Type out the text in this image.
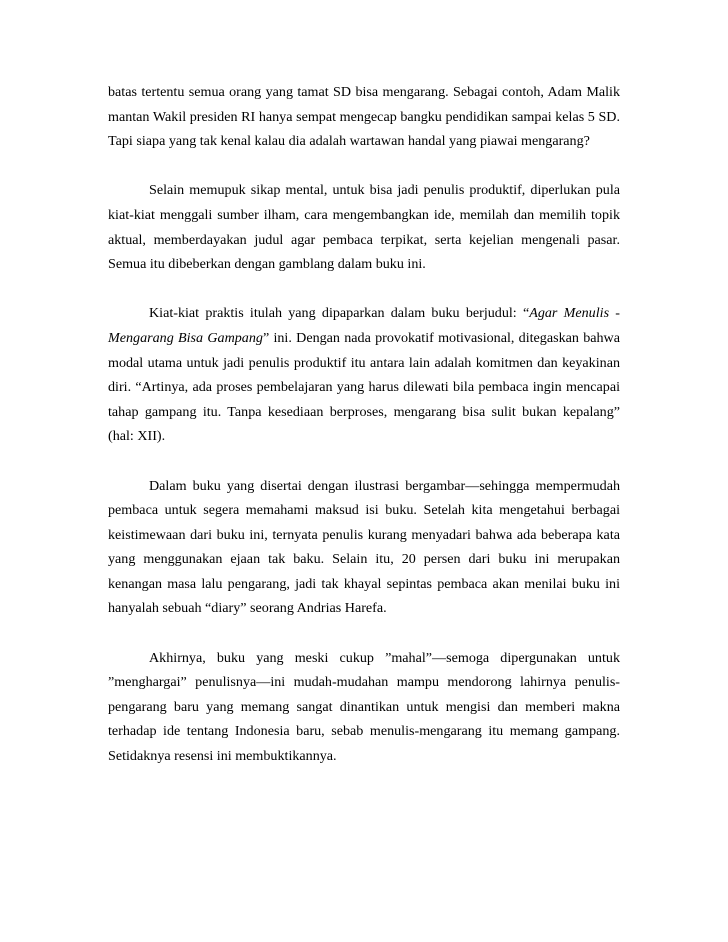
batas tertentu semua orang yang tamat SD bisa mengarang. Sebagai contoh, Adam Malik mantan Wakil presiden RI hanya sempat mengecap bangku pendidikan sampai kelas 5 SD. Tapi siapa yang tak kenal kalau dia adalah wartawan handal yang piawai mengarang?

Selain memupuk sikap mental, untuk bisa jadi penulis produktif, diperlukan pula kiat-kiat menggali sumber ilham, cara mengembangkan ide, memilah dan memilih topik aktual, memberdayakan judul agar pembaca terpikat, serta kejelian mengenali pasar. Semua itu dibeberkan dengan gamblang dalam buku ini.

Kiat-kiat praktis itulah yang dipaparkan dalam buku berjudul: “Agar Menulis - Mengarang Bisa Gampang” ini. Dengan nada provokatif motivasional, ditegaskan bahwa modal utama untuk jadi penulis produktif itu antara lain adalah komitmen dan keyakinan diri. “Artinya, ada proses pembelajaran yang harus dilewati bila pembaca ingin mencapai tahap gampang itu. Tanpa kesediaan berproses, mengarang bisa sulit bukan kepalang” (hal: XII).

Dalam buku yang disertai dengan ilustrasi bergambar—sehingga mempermudah pembaca untuk segera memahami maksud isi buku. Setelah kita mengetahui berbagai keistimewaan dari buku ini, ternyata penulis kurang menyadari bahwa ada beberapa kata yang menggunakan ejaan tak baku. Selain itu, 20 persen dari buku ini merupakan kenangan masa lalu pengarang, jadi tak khayal sepintas pembaca akan menilai buku ini hanyalah sebuah “diary” seorang Andrias Harefa.

Akhirnya, buku yang meski cukup ”mahal”—semoga dipergunakan untuk ”menghargai” penulisnya—ini mudah-mudahan mampu mendorong lahirnya penulis-pengarang baru yang memang sangat dinantikan untuk mengisi dan memberi makna terhadap ide tentang Indonesia baru, sebab menulis-mengarang itu memang gampang. Setidaknya resensi ini membuktikannya.
